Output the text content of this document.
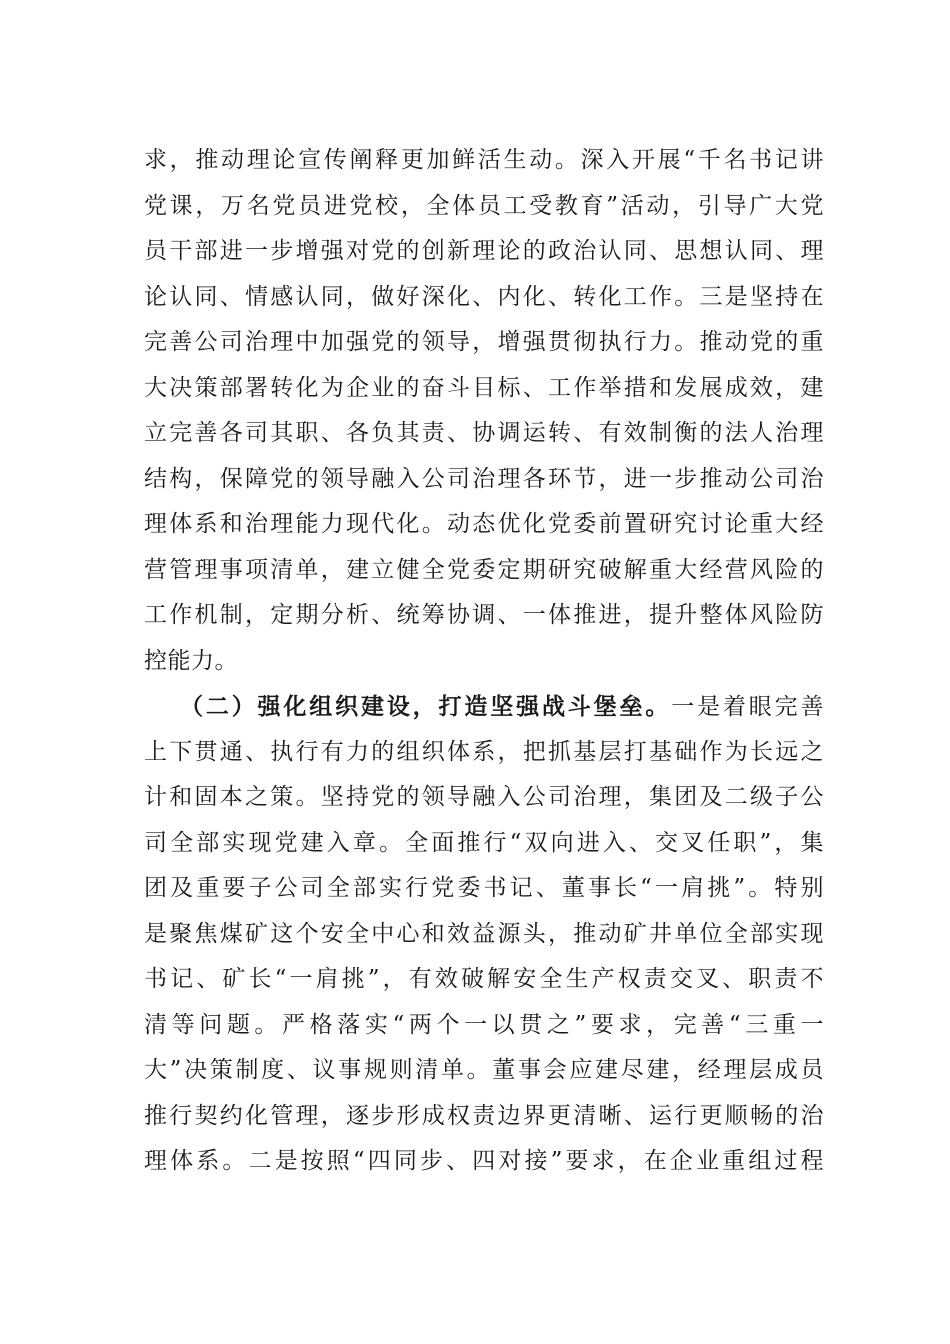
求，推动理论宣传阐释更加鲜活生动。深入开展“千名书记讲
党课，万名党员进党校，全体员工受教育”活动，引导广大党
员干部进一步增强对党的创新理论的政治认同、思想认同、理
论认同、情感认同，做好深化、内化、转化工作。三是坚持在
完善公司治理中加强党的领导，增强贯彻执行力。推动党的重
大决策部署转化为企业的奋斗目标、工作举措和发展成效，建
立完善各司其职、各负其责、协调运转、有效制衡的法人治理
结构，保障党的领导融入公司治理各环节，进一步推动公司治
理体系和治理能力现代化。动态优化党委前置研究讨论重大经
营管理事项清单，建立健全党委定期研究破解重大经营风险的
工作机制，定期分析、统筹协调、一体推进，提升整体风险防
控能力。
（二）强化组织建设，打造坚强战斗堡垒。一是着眼完善
上下贯通、执行有力的组织体系，把抓基层打基础作为长远之
计和固本之策。坚持党的领导融入公司治理，集团及二级子公
司全部实现党建入章。全面推行“双向进入、交叉任职”，集
团及重要子公司全部实行党委书记、董事长“一肩挑”。特别
是聚焦煤矿这个安全中心和效益源头，推动矿井单位全部实现
书记、矿长“一肩挑”，有效破解安全生产权责交叉、职责不
清等问题。严格落实“两个一以贯之”要求，完善“三重一
大”决策制度、议事规则清单。董事会应建尽建，经理层成员
推行契约化管理，逐步形成权责边界更清晰、运行更顺畅的治
理体系。二是按照“四同步、四对接”要求，在企业重组过程
